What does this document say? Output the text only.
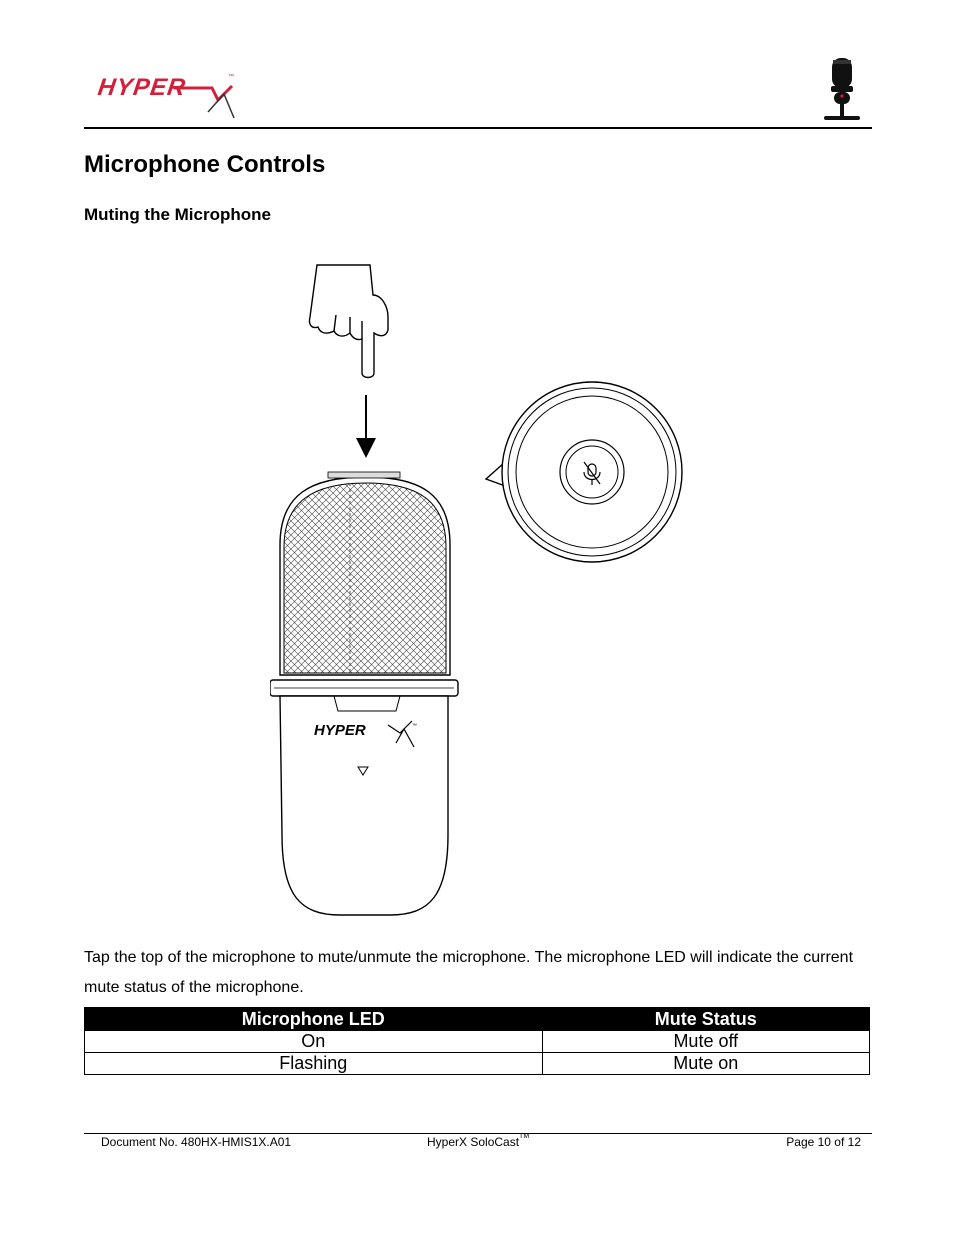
HYPER	™
Microphone Controls
Muting the Microphone
HYPER	™

Tap the top of the microphone to mute/unmute the microphone. The microphone LED will indicate the current mute status of the microphone.

Microphone LED	Mute Status
On	Mute off
Flashing	Mute on
Document No. 480HX-HMIS1X.A01	HyperX SoloCast™	Page 10 of 12
